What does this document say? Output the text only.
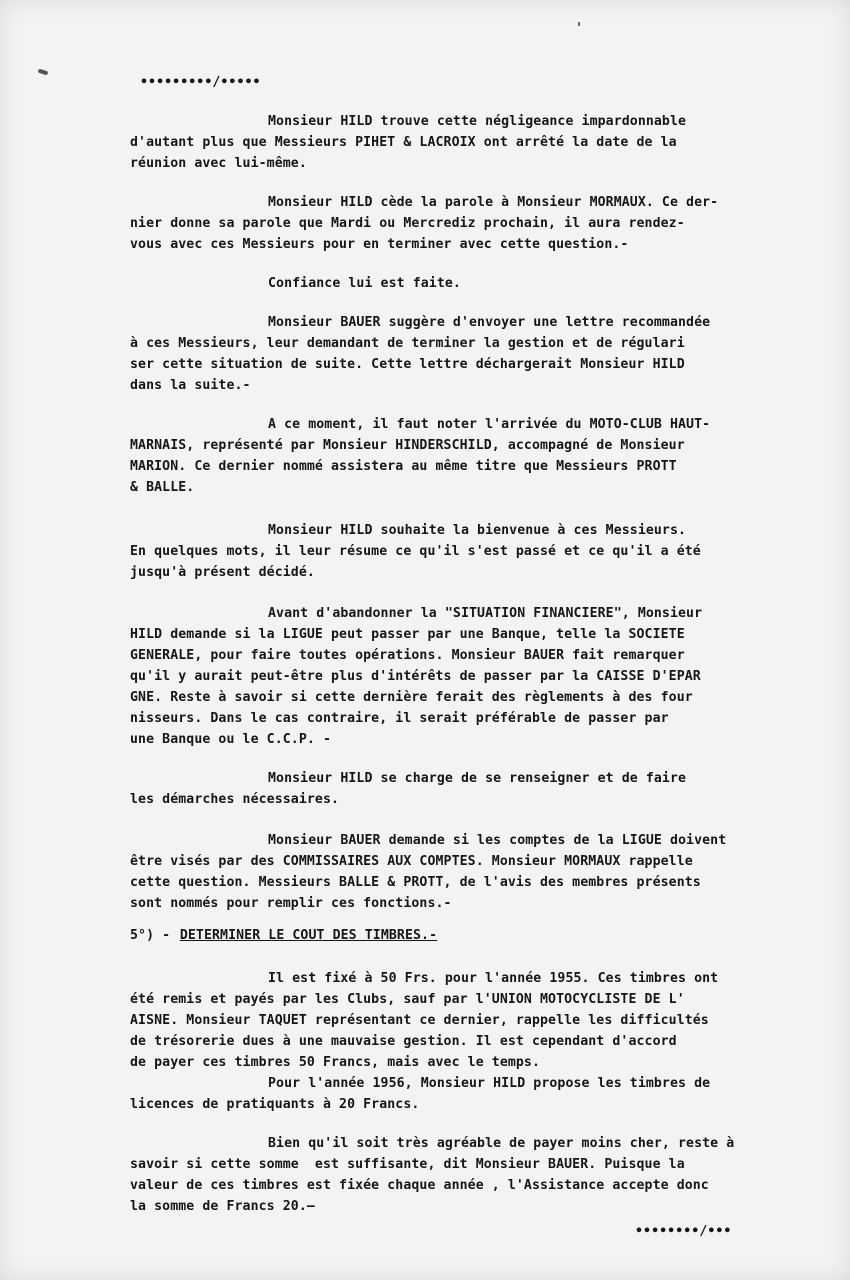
•••••••••/•••••
Monsieur HILD trouve cette négligeance impardonnable
d'autant plus que Messieurs PIHET & LACROIX ont arrêté la date de la
réunion avec lui-même.
Monsieur HILD cède la parole à Monsieur MORMAUX. Ce der-
nier donne sa parole que Mardi ou Mercrediz prochain, il aura rendez-
vous avec ces Messieurs pour en terminer avec cette question.-
Confiance lui est faite.
Monsieur BAUER suggère d'envoyer une lettre recommandée
à ces Messieurs, leur demandant de terminer la gestion et de régulari
ser cette situation de suite. Cette lettre déchargerait Monsieur HILD
dans la suite.-
A ce moment, il faut noter l'arrivée du MOTO-CLUB HAUT-
MARNAIS, représenté par Monsieur HINDERSCHILD, accompagné de Monsieur
MARION. Ce dernier nommé assistera au même titre que Messieurs PROTT
& BALLE.
Monsieur HILD souhaite la bienvenue à ces Messieurs.
En quelques mots, il leur résume ce qu'il s'est passé et ce qu'il a été
jusqu'à présent décidé.
Avant d'abandonner la "SITUATION FINANCIERE", Monsieur
HILD demande si la LIGUE peut passer par une Banque, telle la SOCIETE
GENERALE, pour faire toutes opérations. Monsieur BAUER fait remarquer
qu'il y aurait peut-être plus d'intérêts de passer par la CAISSE D'EPAR
GNE. Reste à savoir si cette dernière ferait des règlements à des four
nisseurs. Dans le cas contraire, il serait préférable de passer par
une Banque ou le C.C.P. -
Monsieur HILD se charge de se renseigner et de faire
les démarches nécessaires.
Monsieur BAUER demande si les comptes de la LIGUE doivent
être visés par des COMMISSAIRES AUX COMPTES. Monsieur MORMAUX rappelle
cette question. Messieurs BALLE & PROTT, de l'avis des membres présents
sont nommés pour remplir ces fonctions.-
5°) - DETERMINER LE COUT DES TIMBRES.-
Il est fixé à 50 Frs. pour l'année 1955. Ces timbres ont
été remis et payés par les Clubs, sauf par l'UNION MOTOCYCLISTE DE L'
AISNE. Monsieur TAQUET représentant ce dernier, rappelle les difficultés
de trésorerie dues à une mauvaise gestion. Il est cependant d'accord
de payer ces timbres 50 Francs, mais avec le temps.
Pour l'année 1956, Monsieur HILD propose les timbres de
licences de pratiquants à 20 Francs.
Bien qu'il soit très agréable de payer moins cher, reste à
savoir si cette somme  est suffisante, dit Monsieur BAUER. Puisque la
valeur de ces timbres est fixée chaque année , l'Assistance accepte donc
la somme de Francs 20.—
••••••••/•••
